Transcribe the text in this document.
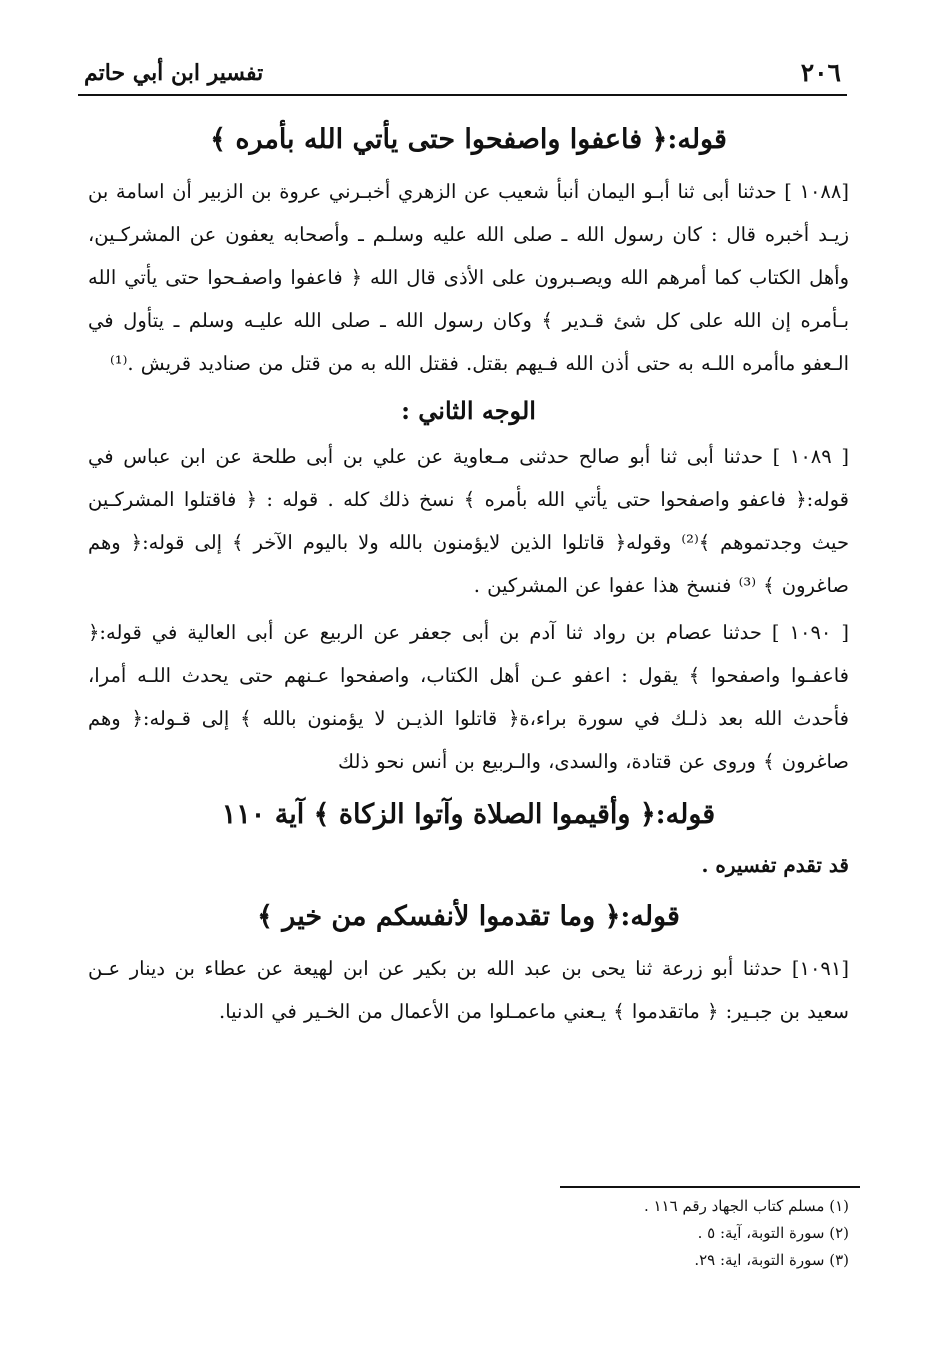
٢٠٦
تفسير ابن أبي حاتم
قوله:﴿ فاعفوا واصفحوا حتى يأتي الله بأمره ﴾

[١٠٨٨ ] حدثنا أبى ثنا أبـو اليمان أنبأ شعيب عن الزهري أخبـرني عروة بن الزبير أن اسامة بن زيـد أخبره قال : كان رسول الله ـ صلى الله عليه وسلـم ـ وأصحابه يعفون عن المشركـين، وأهل الكتاب كما أمرهم الله ويصـبرون على الأذى قال الله ﴿ فاعفوا واصفـحوا حتى يأتي الله بـأمره إن الله على كل شئ قـدير ﴾ وكان رسول الله ـ صلى الله عليـه وسلم ـ يتأول في الـعفو ماأمره اللـه به حتى أذن الله فـيهم بقتل. فقتل الله به من قتل من صناديد قريش .⁽¹⁾

الوجه الثاني :

[ ١٠٨٩ ] حدثنا أبى ثنا أبو صالح حدثنى مـعاوية عن علي بن أبى طلحة عن ابن عباس في قوله:﴿ فاعفو واصفحوا حتى يأتي الله بأمره ﴾ نسخ ذلك كله . قوله : ﴿ فاقتلوا المشركـين حيث وجدتموهم ﴾⁽²⁾ وقوله﴿ قاتلوا الذين لايؤمنون بالله ولا باليوم الآخر ﴾ إلى قوله:﴿ وهم صاغرون ﴾ ⁽³⁾ فنسخ هذا عفوا عن المشركين .

[ ١٠٩٠ ] حدثنا عصام بن رواد ثنا آدم بن أبى جعفر عن الربيع عن أبى العالية في قوله:﴿ فاعفـوا واصفحوا ﴾ يقول : اعفو عـن أهل الكتاب، واصفحوا عـنهم حتى يحدث اللـه أمرا، فأحدث الله بعد ذلـك في سورة براء،ة﴿ قاتلوا الذيـن لا يؤمنون بالله ﴾ إلى قـوله:﴿ وهم صاغرون ﴾ وروى عن قتادة، والسدى، والـربيع بن أنس نحو ذلك

قوله:﴿ وأقيموا الصلاة وآتوا الزكاة ﴾ آية ١١٠
قد تقدم تفسيره .
قوله:﴿ وما تقدموا لأنفسكم من خير ﴾

[١٠٩١] حدثنا أبو زرعة ثنا يحى بن عبد الله بن بكير عن ابن لهيعة عن عطاء بن دينار عـن سعيد بن جبـير: ﴿ ماتقدموا ﴾ يـعني ماعمـلوا من الأعمال من الخـير في الدنيا.

(١) مسلم كتاب الجهاد رقم ١١٦ .

(٢) سورة التوبة، آية: ٥ .

(٣) سورة التوبة، اية: ٢٩.
